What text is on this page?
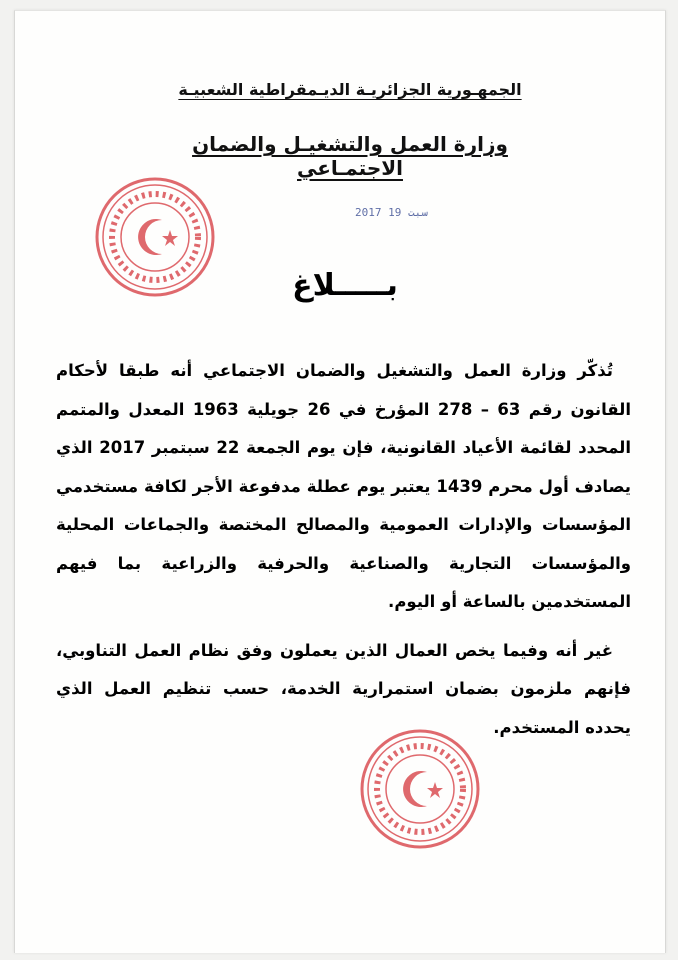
الجمهـورية الجزائريـة الديـمقراطية الشعبيـة
وزارة العمل والتشغيـل والضمان الاجتمـاعي
2017 سبت 19
بـــــلاغ

تُذكّر وزارة العمل والتشغيل والضمان الاجتماعي أنه طبقا لأحكام القانون رقم 63 – 278 المؤرخ في 26 جويلية 1963 المعدل والمتمم المحدد لقائمة الأعياد القانونية، فإن يوم الجمعة 22 سبتمبر 2017 الذي يصادف أول محرم 1439 يعتبر يوم عطلة مدفوعة الأجر لكافة مستخدمي المؤسسات والإدارات العمومية والمصالح المختصة والجماعات المحلية والمؤسسات التجارية والصناعية والحرفية والزراعية بما فيهم المستخدمين بالساعة أو اليوم.

غير أنه وفيما يخص العمال الذين يعملون وفق نظام العمل التناوبي، فإنهم ملزمون بضمان استمرارية الخدمة، حسب تنظيم العمل الذي يحدده المستخدم.
